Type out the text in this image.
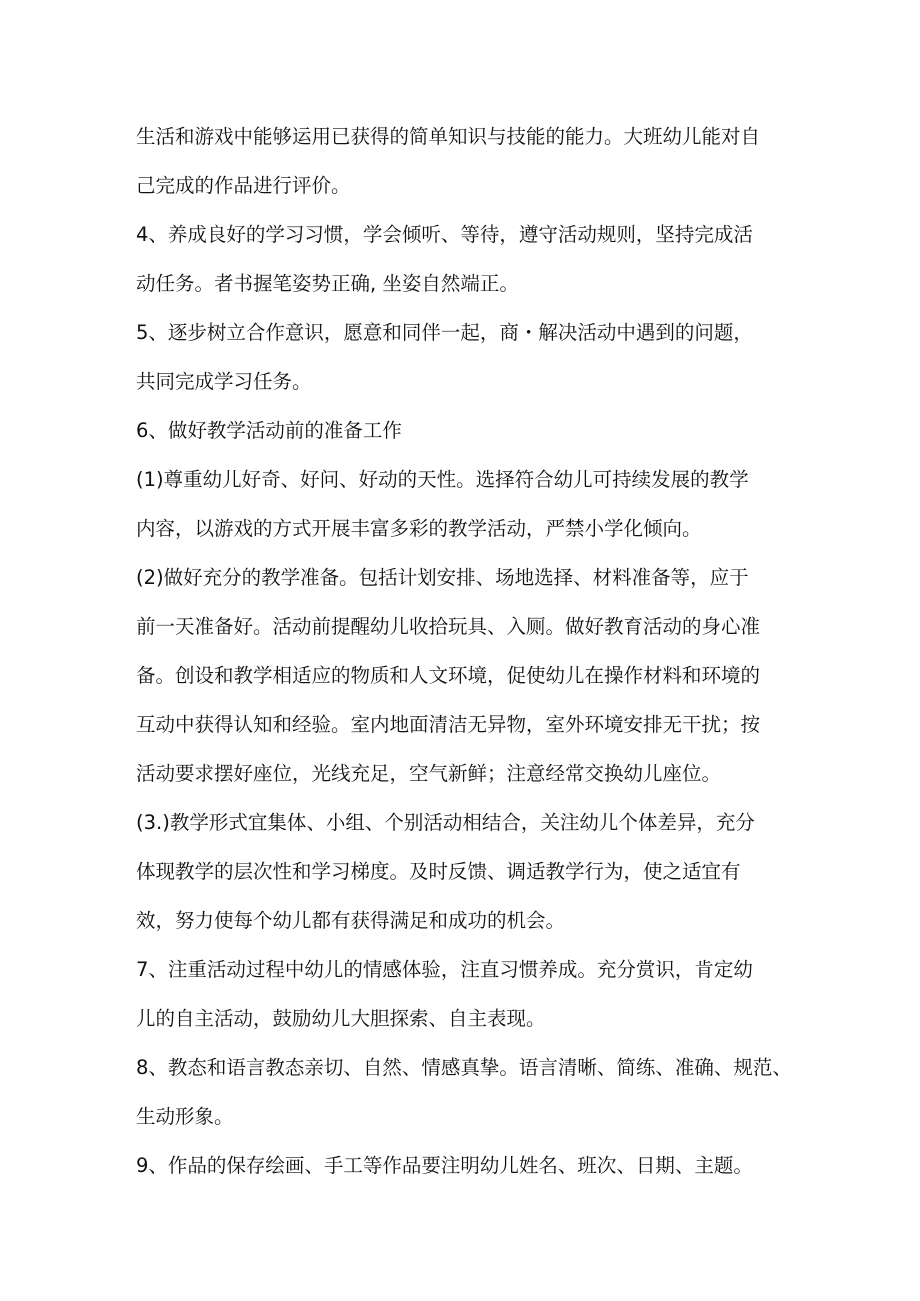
生活和游戏中能够运用已获得的简单知识与技能的能力。大班幼儿能对自
己完成的作品进行评价。
4、养成良好的学习习惯，学会倾听、等待，遵守活动规则，坚持完成活
动任务。者书握笔姿势正确, 坐姿自然端正。
5、逐步树立合作意识，愿意和同伴一起，商・解决活动中遇到的问题，
共同完成学习任务。
6、做好教学活动前的准备工作
(1)尊重幼儿好奇、好问、好动的天性。选择符合幼儿可持续发展的教学
内容，以游戏的方式开展丰富多彩的教学活动，严禁小学化倾向。
(2)做好充分的教学准备。包括计划安排、场地选择、材料准备等，应于
前一天准备好。活动前提醒幼儿收拾玩具、入厕。做好教育活动的身心准
备。创设和教学相适应的物质和人文环境，促使幼儿在操作材料和环境的
互动中获得认知和经验。室内地面清洁无异物，室外环境安排无干扰；按
活动要求摆好座位，光线充足，空气新鲜；注意经常交换幼儿座位。
(3.)教学形式宜集体、小组、个别活动相结合，关注幼儿个体差异，充分
体现教学的层次性和学习梯度。及时反馈、调适教学行为，使之适宜有
效，努力使每个幼儿都有获得满足和成功的机会。
7、注重活动过程中幼儿的情感体验，注直习惯养成。充分赏识，肯定幼
儿的自主活动，鼓励幼儿大胆探索、自主表现。
8、教态和语言教态亲切、自然、情感真挚。语言清晰、简练、准确、规范、
生动形象。
9、作品的保存绘画、手工等作品要注明幼儿姓名、班次、日期、主题。
